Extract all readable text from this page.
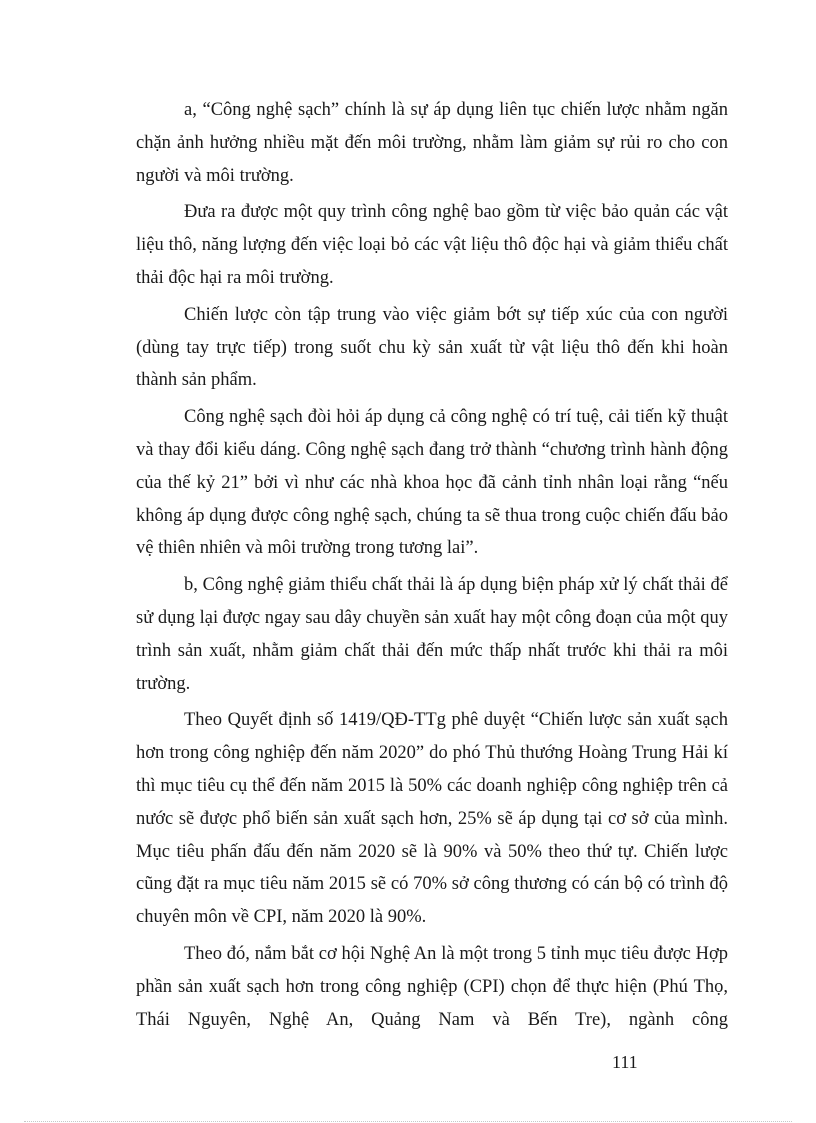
a, “Công nghệ sạch” chính là sự áp dụng liên tục chiến lược nhằm ngăn chặn ảnh hưởng nhiều mặt đến môi trường, nhằm làm giảm sự rủi ro cho con người và môi trường.

Đưa ra được một quy trình công nghệ bao gồm từ việc bảo quản các vật liệu thô, năng lượng đến việc loại bỏ các vật liệu thô độc hại và giảm thiểu chất thải độc hại ra môi trường.

Chiến lược còn tập trung vào việc giảm bớt sự tiếp xúc của con người (dùng tay trực tiếp) trong suốt chu kỳ sản xuất từ vật liệu thô đến khi hoàn thành sản phẩm.

Công nghệ sạch đòi hỏi áp dụng cả công nghệ có trí tuệ, cải tiến kỹ thuật và thay đổi kiểu dáng. Công nghệ sạch đang trở thành “chương trình hành động của thế kỷ 21” bởi vì như các nhà khoa học đã cảnh tỉnh nhân loại rằng “nếu không áp dụng được công nghệ sạch, chúng ta sẽ thua trong cuộc chiến đấu bảo vệ thiên nhiên và môi trường trong tương lai”.

b, Công nghệ giảm thiểu chất thải là áp dụng biện pháp xử lý chất thải để sử dụng lại được ngay sau dây chuyền sản xuất hay một công đoạn của một quy trình sản xuất, nhằm giảm chất thải đến mức thấp nhất trước khi thải ra môi trường.

Theo Quyết định số 1419/QĐ-TTg phê duyệt “Chiến lược sản xuất sạch hơn trong công nghiệp đến năm 2020” do phó Thủ thướng Hoàng Trung Hải kí thì mục tiêu cụ thể đến năm 2015 là 50% các doanh nghiệp công nghiệp trên cả nước sẽ được phổ biến sản xuất sạch hơn, 25% sẽ áp dụng tại cơ sở của mình. Mục tiêu phấn đấu đến năm 2020 sẽ là 90% và 50% theo thứ tự. Chiến lược cũng đặt ra mục tiêu năm 2015 sẽ có 70% sở công thương có cán bộ có trình độ chuyên môn về CPI, năm 2020 là 90%.

Theo đó, nắm bắt cơ hội Nghệ An là một trong 5 tỉnh mục tiêu được Hợp phần sản xuất sạch hơn trong công nghiệp (CPI) chọn để thực hiện (Phú Thọ, Thái Nguyên, Nghệ An, Quảng Nam và Bến Tre), ngành công

111
